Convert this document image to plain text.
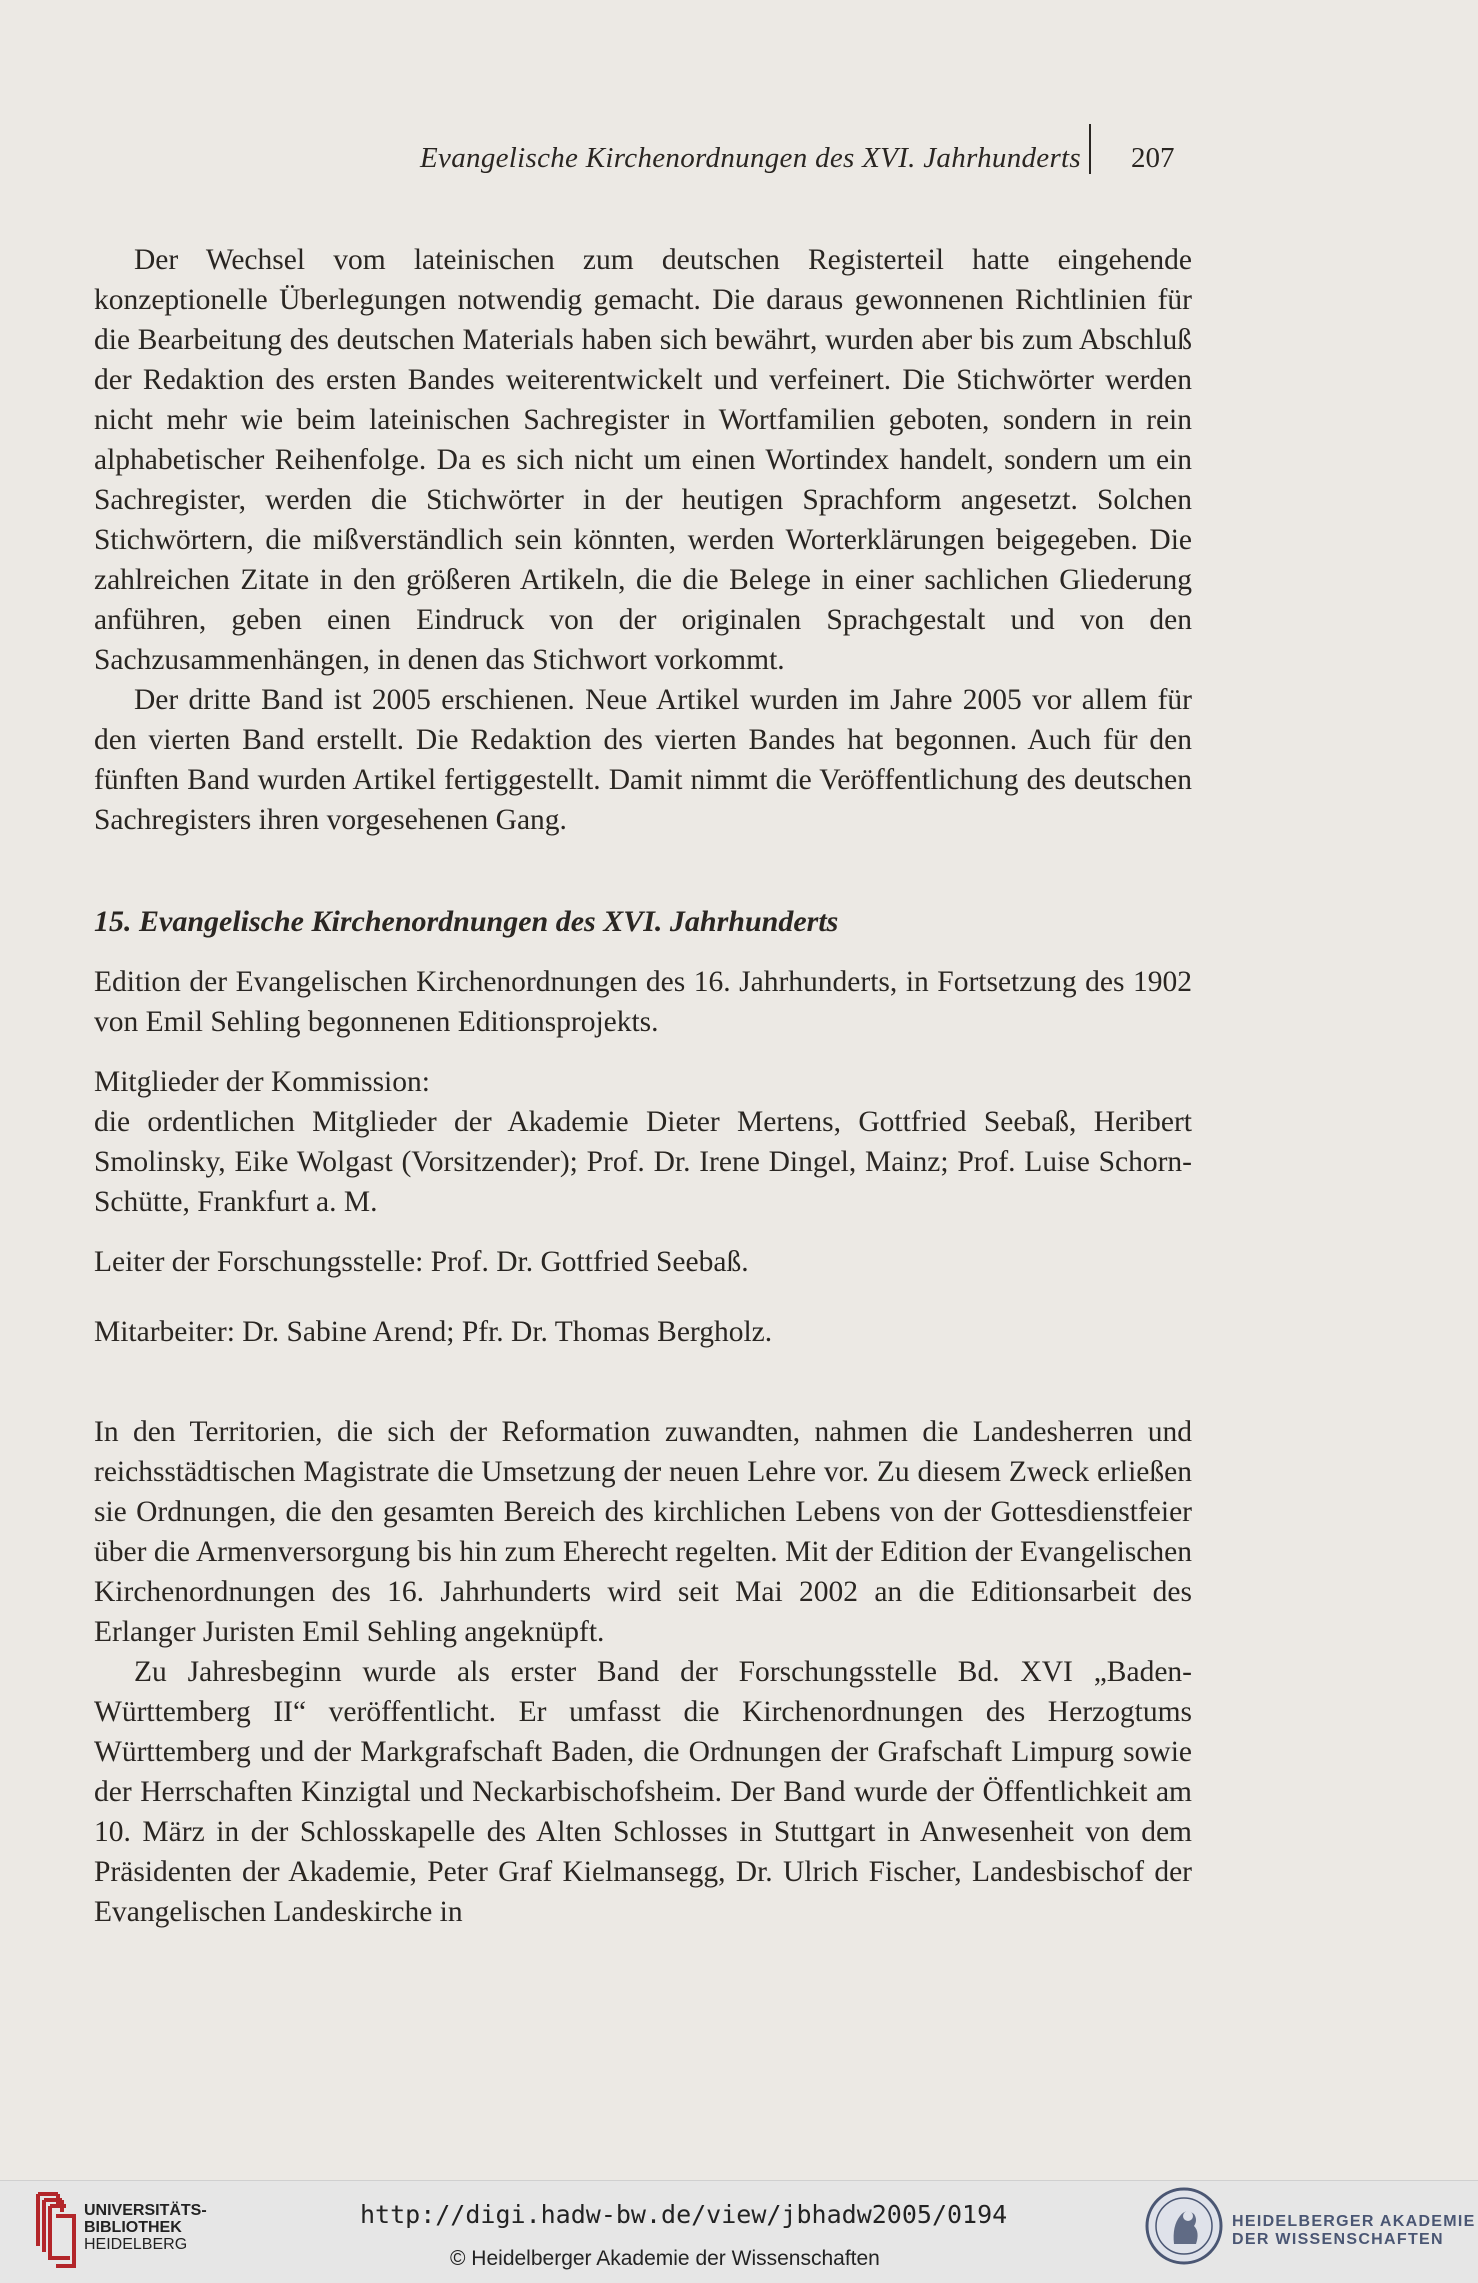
Evangelische Kirchenordnungen des XVI. Jahrhunderts 207

Der Wechsel vom lateinischen zum deutschen Registerteil hatte eingehende konzeptionelle Überlegungen notwendig gemacht. Die daraus gewonnenen Richtlinien für die Bearbeitung des deutschen Materials haben sich bewährt, wurden aber bis zum Abschluß der Redaktion des ersten Bandes weiterentwickelt und verfeinert. Die Stichwörter werden nicht mehr wie beim lateinischen Sachregister in Wortfamilien geboten, sondern in rein alphabetischer Reihenfolge. Da es sich nicht um einen Wortindex handelt, sondern um ein Sachregister, werden die Stichwörter in der heutigen Sprachform angesetzt. Solchen Stichwörtern, die mißverständlich sein könnten, werden Worterklärungen beigegeben. Die zahlreichen Zitate in den größeren Artikeln, die die Belege in einer sachlichen Gliederung anführen, geben einen Eindruck von der originalen Sprachgestalt und von den Sachzusammenhängen, in denen das Stichwort vorkommt.

Der dritte Band ist 2005 erschienen. Neue Artikel wurden im Jahre 2005 vor allem für den vierten Band erstellt. Die Redaktion des vierten Bandes hat begonnen. Auch für den fünften Band wurden Artikel fertiggestellt. Damit nimmt die Veröffentlichung des deutschen Sachregisters ihren vorgesehenen Gang.

15. Evangelische Kirchenordnungen des XVI. Jahrhunderts

Edition der Evangelischen Kirchenordnungen des 16. Jahrhunderts, in Fortsetzung des 1902 von Emil Sehling begonnenen Editionsprojekts.

Mitglieder der Kommission:

die ordentlichen Mitglieder der Akademie Dieter Mertens, Gottfried Seebaß, Heribert Smolinsky, Eike Wolgast (Vorsitzender); Prof. Dr. Irene Dingel, Mainz; Prof. Luise Schorn-Schütte, Frankfurt a. M.

Leiter der Forschungsstelle: Prof. Dr. Gottfried Seebaß.

Mitarbeiter: Dr. Sabine Arend; Pfr. Dr. Thomas Bergholz.

In den Territorien, die sich der Reformation zuwandten, nahmen die Landesherren und reichsstädtischen Magistrate die Umsetzung der neuen Lehre vor. Zu diesem Zweck erließen sie Ordnungen, die den gesamten Bereich des kirchlichen Lebens von der Gottesdienstfeier über die Armenversorgung bis hin zum Eherecht regelten. Mit der Edition der Evangelischen Kirchenordnungen des 16. Jahrhunderts wird seit Mai 2002 an die Editionsarbeit des Erlanger Juristen Emil Sehling angeknüpft.

Zu Jahresbeginn wurde als erster Band der Forschungsstelle Bd. XVI „Baden-Württemberg II“ veröffentlicht. Er umfasst die Kirchenordnungen des Herzogtums Württemberg und der Markgrafschaft Baden, die Ordnungen der Grafschaft Limpurg sowie der Herrschaften Kinzigtal und Neckarbischofsheim. Der Band wurde der Öffentlichkeit am 10. März in der Schlosskapelle des Alten Schlosses in Stuttgart in Anwesenheit von dem Präsidenten der Akademie, Peter Graf Kielmansegg, Dr. Ulrich Fischer, Landesbischof der Evangelischen Landeskirche in

UNIVERSITÄTS-
BIBLIOTHEK
HEIDELBERG
http://digi.hadw-bw.de/view/jbhadw2005/0194
© Heidelberger Akademie der Wissenschaften
HEIDELBERGER AKADEMIE
DER WISSENSCHAFTEN
